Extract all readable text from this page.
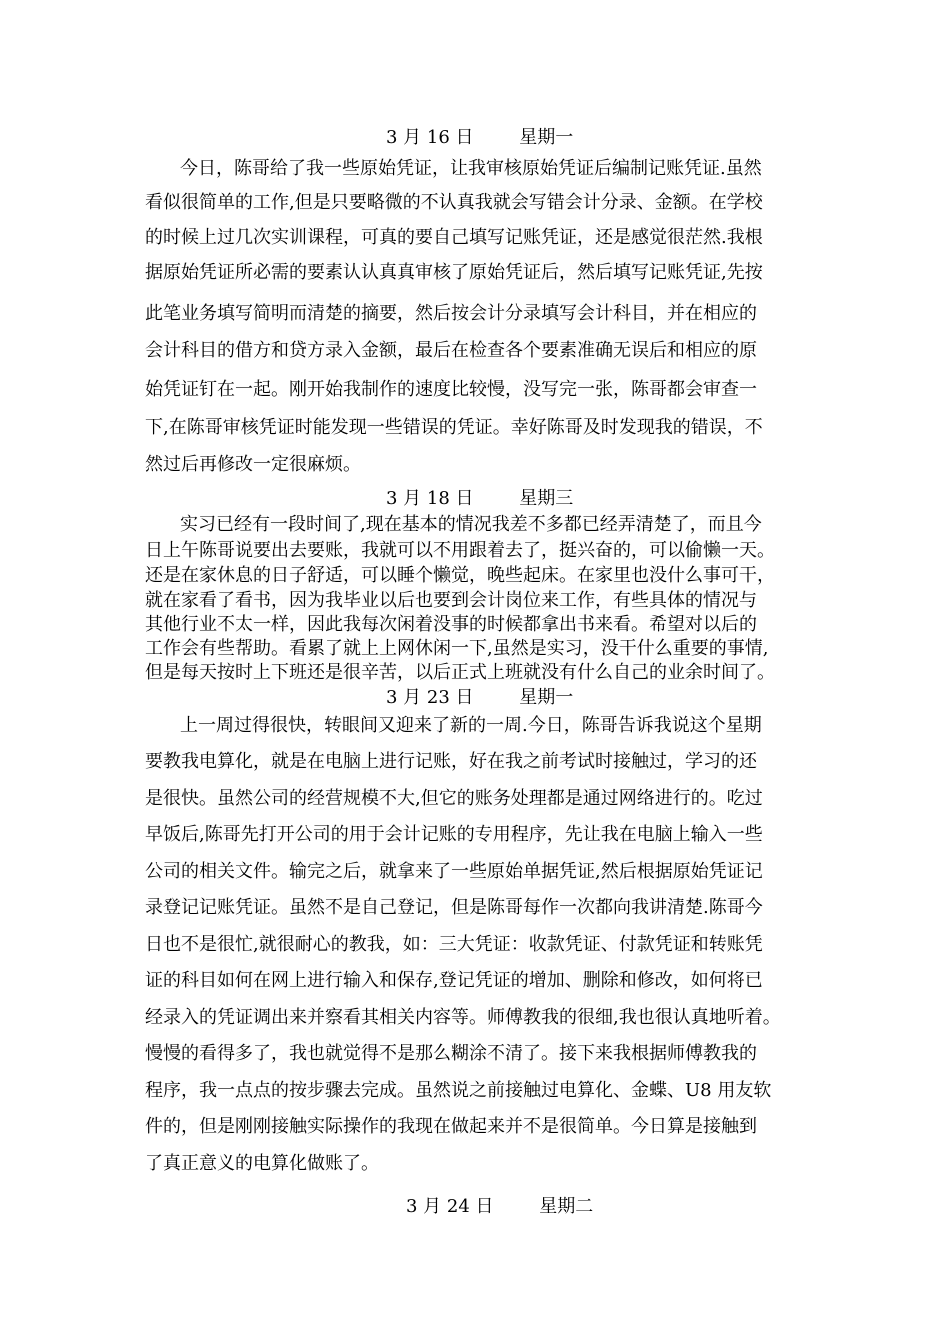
3 月 16 日        星期一
今日，陈哥给了我一些原始凭证，让我审核原始凭证后编制记账凭证.虽然
看似很简单的工作,但是只要略微的不认真我就会写错会计分录、金额。在学校
的时候上过几次实训课程，可真的要自己填写记账凭证，还是感觉很茫然.我根
据原始凭证所必需的要素认认真真审核了原始凭证后，然后填写记账凭证,先按
此笔业务填写简明而清楚的摘要，然后按会计分录填写会计科目，并在相应的
会计科目的借方和贷方录入金额，最后在检查各个要素准确无误后和相应的原
始凭证钉在一起。刚开始我制作的速度比较慢，没写完一张，陈哥都会审查一
下,在陈哥审核凭证时能发现一些错误的凭证。幸好陈哥及时发现我的错误，不
然过后再修改一定很麻烦。
3 月 18 日        星期三
实习已经有一段时间了,现在基本的情况我差不多都已经弄清楚了，而且今
日上午陈哥说要出去要账，我就可以不用跟着去了，挺兴奋的，可以偷懒一天。
还是在家休息的日子舒适，可以睡个懒觉，晚些起床。在家里也没什么事可干，
就在家看了看书，因为我毕业以后也要到会计岗位来工作，有些具体的情况与
其他行业不太一样，因此我每次闲着没事的时候都拿出书来看。希望对以后的
工作会有些帮助。看累了就上上网休闲一下,虽然是实习，没干什么重要的事情,
但是每天按时上下班还是很辛苦，以后正式上班就没有什么自己的业余时间了。
3 月 23 日        星期一
上一周过得很快，转眼间又迎来了新的一周.今日，陈哥告诉我说这个星期
要教我电算化，就是在电脑上进行记账，好在我之前考试时接触过，学习的还
是很快。虽然公司的经营规模不大,但它的账务处理都是通过网络进行的。吃过
早饭后,陈哥先打开公司的用于会计记账的专用程序，先让我在电脑上输入一些
公司的相关文件。输完之后，就拿来了一些原始单据凭证,然后根据原始凭证记
录登记记账凭证。虽然不是自己登记，但是陈哥每作一次都向我讲清楚.陈哥今
日也不是很忙,就很耐心的教我，如：三大凭证：收款凭证、付款凭证和转账凭
证的科目如何在网上进行输入和保存,登记凭证的增加、删除和修改，如何将已
经录入的凭证调出来并察看其相关内容等。师傅教我的很细,我也很认真地听着。
慢慢的看得多了，我也就觉得不是那么糊涂不清了。接下来我根据师傅教我的
程序，我一点点的按步骤去完成。虽然说之前接触过电算化、金蝶、U8 用友软
件的，但是刚刚接触实际操作的我现在做起来并不是很简单。今日算是接触到
了真正意义的电算化做账了。
3 月 24 日        星期二
